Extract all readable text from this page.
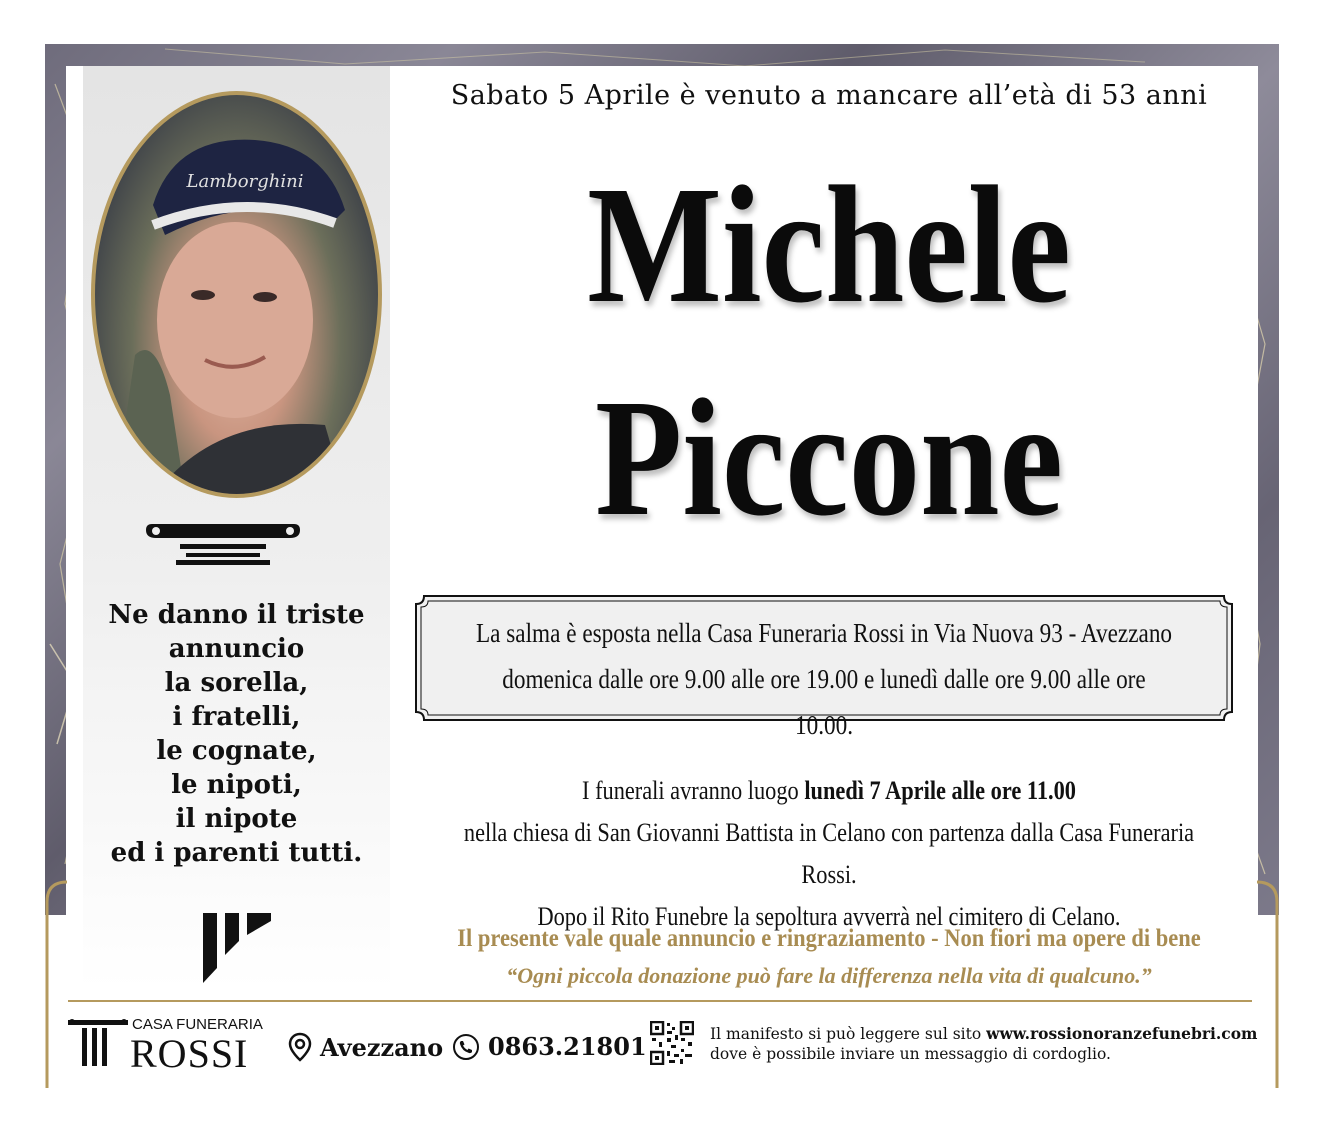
Lamborghini
Ne danno il triste
annuncio
la sorella,
i fratelli,
le cognate,
le nipoti,
il nipote
ed i parenti tutti.
Sabato 5 Aprile è venuto a mancare all’età di 53 anni
Michele
Piccone
La salma è esposta nella Casa Funeraria Rossi in Via Nuova 93 - Avezzano
domenica dalle ore 9.00 alle ore 19.00 e lunedì dalle ore 9.00 alle ore 10.00.
I funerali avranno luogo lunedì 7 Aprile alle ore 11.00
nella chiesa di San Giovanni Battista in Celano con partenza dalla Casa Funeraria Rossi.
Dopo il Rito Funebre la sepoltura avverrà nel cimitero di Celano.
Il presente vale quale annuncio e ringraziamento - Non fiori ma opere di bene
“Ogni piccola donazione può fare la differenza nella vita di qualcuno.”
CASA FUNERARIA
ROSSI	Avezzano 0863.21801	Il manifesto si può leggere sul sito www.rossionoranzefunebri.com
dove è possibile inviare un messaggio di cordoglio.
